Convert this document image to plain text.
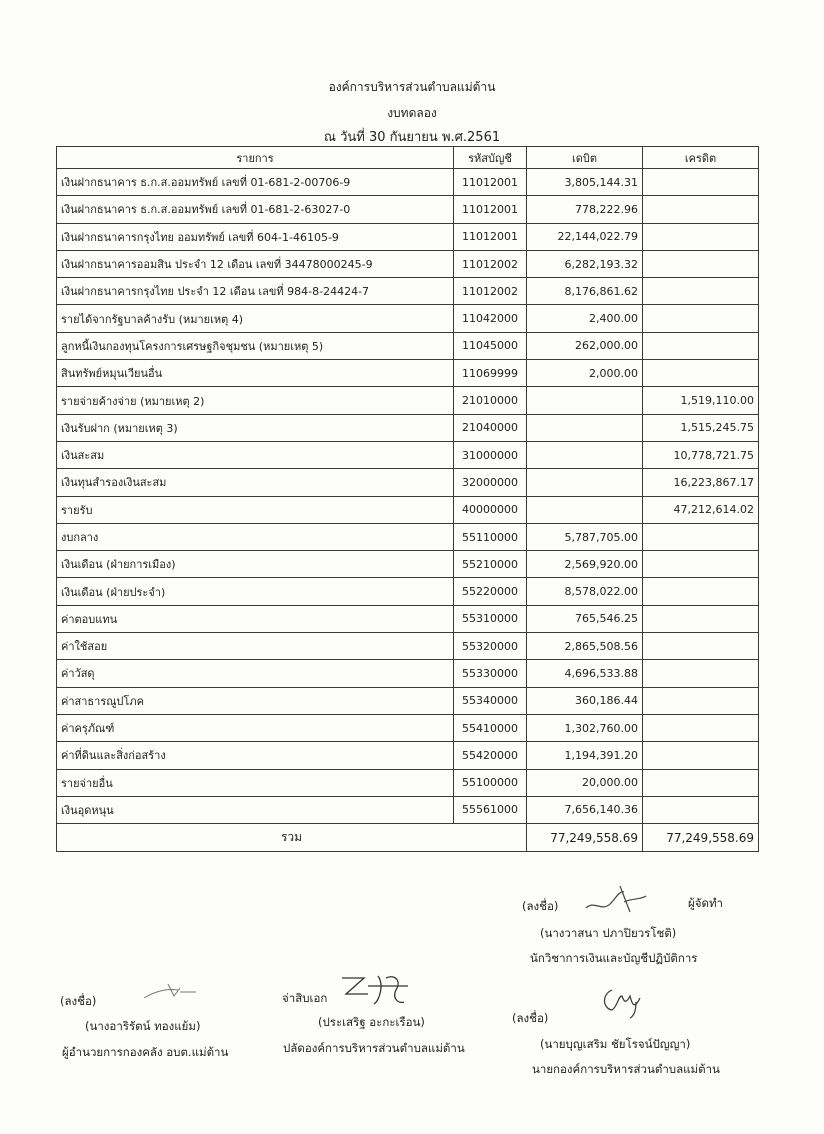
องค์การบริหารส่วนตำบลแม่ต้าน
งบทดลอง
ณ วันที่ 30 กันยายน พ.ศ.2561
รายการ	รหัสบัญชี	เดบิต	เครดิต
เงินฝากธนาคาร ธ.ก.ส.ออมทรัพย์ เลขที่ 01-681-2-00706-9	11012001	3,805,144.31	
เงินฝากธนาคาร ธ.ก.ส.ออมทรัพย์ เลขที่ 01-681-2-63027-0	11012001	778,222.96	
เงินฝากธนาคารกรุงไทย ออมทรัพย์ เลขที่ 604-1-46105-9	11012001	22,144,022.79	
เงินฝากธนาคารออมสิน ประจำ 12 เดือน เลขที่ 34478000245-9	11012002	6,282,193.32	
เงินฝากธนาคารกรุงไทย ประจำ 12 เดือน เลขที่ 984-8-24424-7	11012002	8,176,861.62	
รายได้จากรัฐบาลค้างรับ (หมายเหตุ 4)	11042000	2,400.00	
ลูกหนี้เงินกองทุนโครงการเศรษฐกิจชุมชน (หมายเหตุ 5)	11045000	262,000.00	
สินทรัพย์หมุนเวียนอื่น	11069999	2,000.00	
รายจ่ายค้างจ่าย (หมายเหตุ 2)	21010000		1,519,110.00
เงินรับฝาก (หมายเหตุ 3)	21040000		1,515,245.75
เงินสะสม	31000000		10,778,721.75
เงินทุนสำรองเงินสะสม	32000000		16,223,867.17
รายรับ	40000000		47,212,614.02
งบกลาง	55110000	5,787,705.00	
เงินเดือน (ฝ่ายการเมือง)	55210000	2,569,920.00	
เงินเดือน (ฝ่ายประจำ)	55220000	8,578,022.00	
ค่าตอบแทน	55310000	765,546.25	
ค่าใช้สอย	55320000	2,865,508.56	
ค่าวัสดุ	55330000	4,696,533.88	
ค่าสาธารณูปโภค	55340000	360,186.44	
ค่าครุภัณฑ์	55410000	1,302,760.00	
ค่าที่ดินและสิ่งก่อสร้าง	55420000	1,194,391.20	
รายจ่ายอื่น	55100000	20,000.00	
เงินอุดหนุน	55561000	7,656,140.36	
รวม		77,249,558.69	77,249,558.69
(ลงชื่อ)	ผู้จัดทำ
(นางวาสนา ปภาปิยวรโชติ)
นักวิชาการเงินและบัญชีปฏิบัติการ
(ลงชื่อ)
(นางอาริรัตน์ ทองแย้ม)
ผู้อำนวยการกองคลัง อบต.แม่ต้าน
จ่าสิบเอก
(ประเสริฐ อะกะเรือน)
ปลัดองค์การบริหารส่วนตำบลแม่ต้าน
(ลงชื่อ)
(นายบุญเสริม ชัยโรจน์ปัญญา)
นายกองค์การบริหารส่วนตำบลแม่ต้าน
